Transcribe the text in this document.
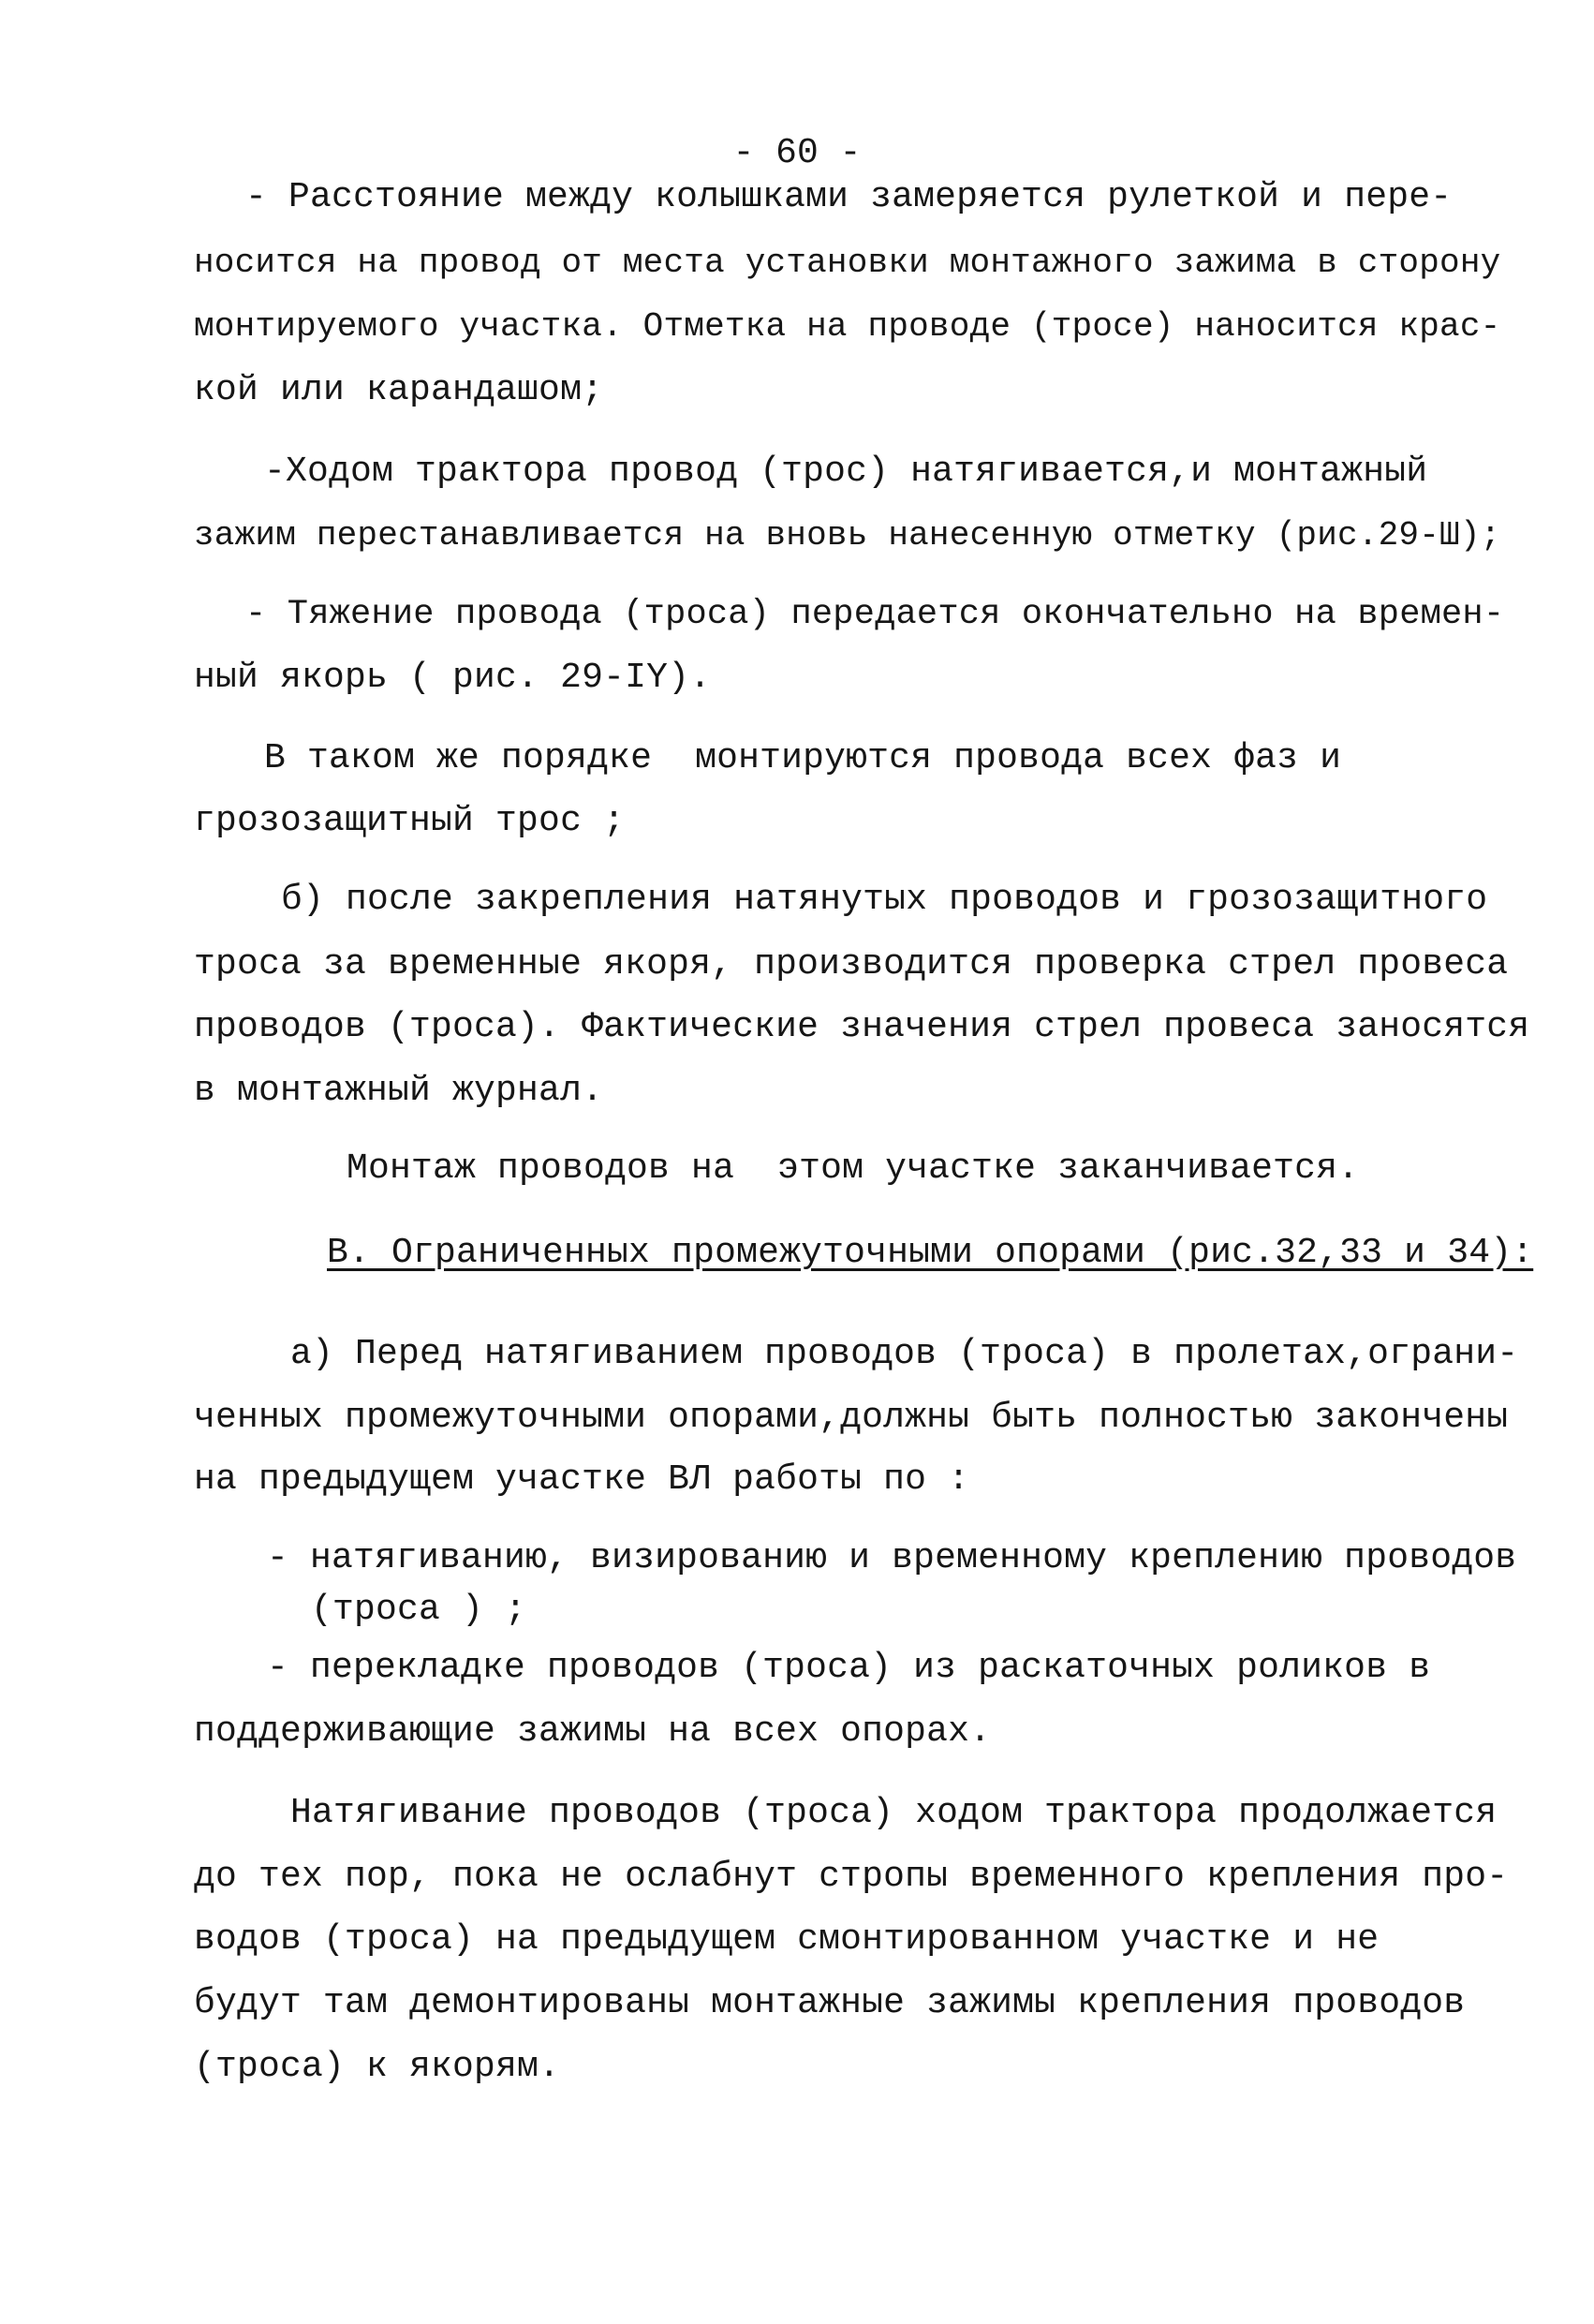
- 60 -
- Расстояние между колышками замеряется рулеткой и пере-
носится на провод от места установки монтажного зажима в сторону
монтируемого участка. Отметка на проводе (тросе) наносится крас-
кой или карандашом;
-Ходом трактора провод (трос) натягивается,и монтажный
зажим перестанавливается на вновь нанесенную отметку (рис.29-Ш);
- Тяжение провода (троса) передается окончательно на времен-
ный якорь ( рис. 29-IY).
В таком же порядке  монтируются провода всех фаз и
грозозащитный трос ;
б) после закрепления натянутых проводов и грозозащитного
троса за временные якоря, производится проверка стрел провеса
проводов (троса). Фактические значения стрел провеса заносятся
в монтажный журнал.
Монтаж проводов на  этом участке заканчивается.
В. Ограниченных промежуточными опорами (рис.32,33 и 34):
а) Перед натягиванием проводов (троса) в пролетах,ограни-
ченных промежуточными опорами,должны быть полностью закончены
на предыдущем участке ВЛ работы по :
- натягиванию, визированию и временному креплению проводов
(троса ) ;
- перекладке проводов (троса) из раскаточных роликов в
поддерживающие зажимы на всех опорах.
Натягивание проводов (троса) ходом трактора продолжается
до тех пор, пока не ослабнут стропы временного крепления про-
водов (троса) на предыдущем смонтированном участке и не
будут там демонтированы монтажные зажимы крепления проводов
(троса) к якорям.
